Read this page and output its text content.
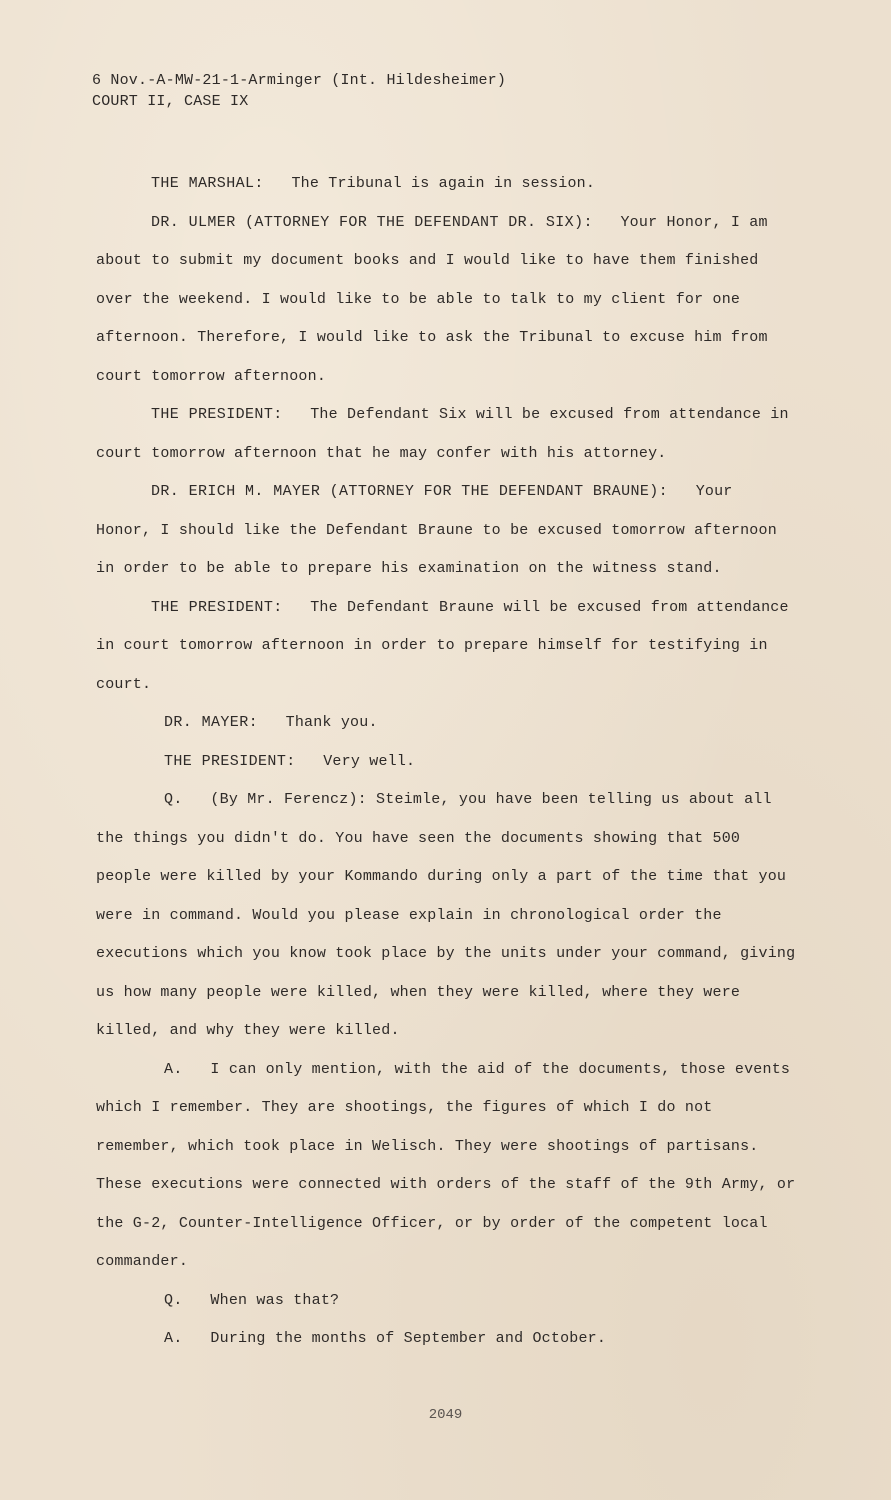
6 Nov.-A-MW-21-1-Arminger (Int. Hildesheimer)
COURT II, CASE IX

THE MARSHAL: The Tribunal is again in session.

DR. ULMER (ATTORNEY FOR THE DEFENDANT DR. SIX): Your Honor, I am about to submit my document books and I would like to have them finished over the weekend. I would like to be able to talk to my client for one afternoon. Therefore, I would like to ask the Tribunal to excuse him from court tomorrow afternoon.

THE PRESIDENT: The Defendant Six will be excused from attendance in court tomorrow afternoon that he may confer with his attorney.

DR. ERICH M. MAYER (ATTORNEY FOR THE DEFENDANT BRAUNE): Your Honor, I should like the Defendant Braune to be excused tomorrow afternoon in order to be able to prepare his examination on the witness stand.

THE PRESIDENT: The Defendant Braune will be excused from attendance in court tomorrow afternoon in order to prepare himself for testifying in court.

DR. MAYER: Thank you.

THE PRESIDENT: Very well.

Q. (By Mr. Ferencz): Steimle, you have been telling us about all the things you didn't do. You have seen the documents showing that 500 people were killed by your Kommando during only a part of the time that you were in command. Would you please explain in chronological order the executions which you know took place by the units under your command, giving us how many people were killed, when they were killed, where they were killed, and why they were killed.

A. I can only mention, with the aid of the documents, those events which I remember. They are shootings, the figures of which I do not remember, which took place in Welisch. They were shootings of partisans. These executions were connected with orders of the staff of the 9th Army, or the G-2, Counter-Intelligence Officer, or by order of the competent local commander.

Q. When was that?

A. During the months of September and October.

2049
